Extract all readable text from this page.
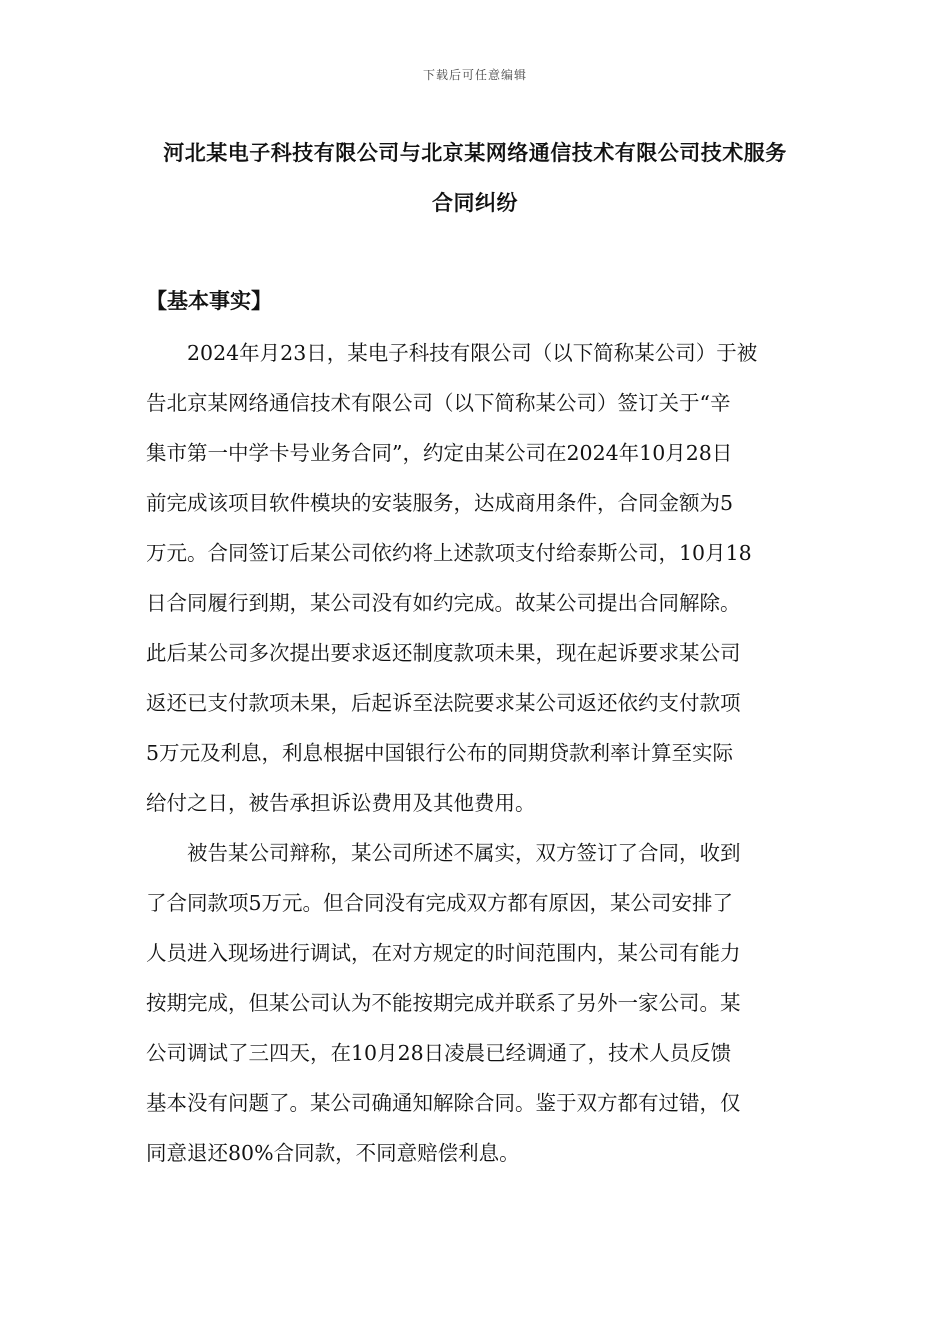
下载后可任意编辑
河北某电子科技有限公司与北京某网络通信技术有限公司技术服务
合同纠纷
【基本事实】
2024年月23日，某电子科技有限公司（以下简称某公司）于被
告北京某网络通信技术有限公司（以下简称某公司）签订关于“辛
集市第一中学卡号业务合同”，约定由某公司在2024年10月28日
前完成该项目软件模块的安装服务，达成商用条件，合同金额为5
万元。合同签订后某公司依约将上述款项支付给泰斯公司，10月18
日合同履行到期，某公司没有如约完成。故某公司提出合同解除。
此后某公司多次提出要求返还制度款项未果，现在起诉要求某公司
返还已支付款项未果，后起诉至法院要求某公司返还依约支付款项
5万元及利息，利息根据中国银行公布的同期贷款利率计算至实际
给付之日，被告承担诉讼费用及其他费用。
被告某公司辩称，某公司所述不属实，双方签订了合同，收到
了合同款项5万元。但合同没有完成双方都有原因，某公司安排了
人员进入现场进行调试，在对方规定的时间范围内，某公司有能力
按期完成，但某公司认为不能按期完成并联系了另外一家公司。某
公司调试了三四天，在10月28日凌晨已经调通了，技术人员反馈
基本没有问题了。某公司确通知解除合同。鉴于双方都有过错，仅
同意退还80%合同款，不同意赔偿利息。
